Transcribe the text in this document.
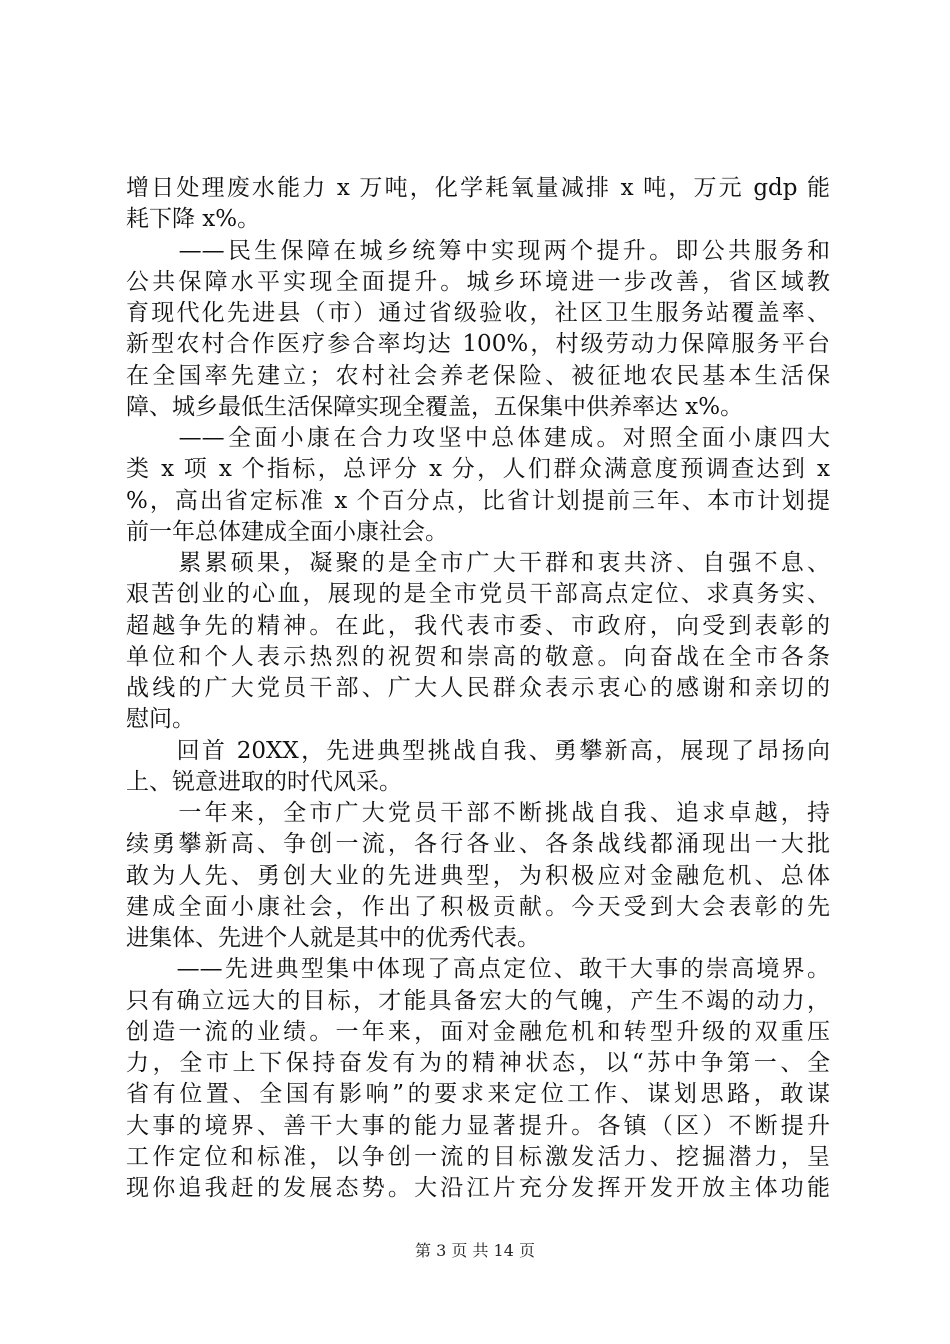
增日处理废水能力 x 万吨，化学耗氧量减排 x 吨，万元 gdp 能
耗下降 x%。
　　——民生保障在城乡统筹中实现两个提升。即公共服务和
公共保障水平实现全面提升。城乡环境进一步改善，省区域教
育现代化先进县（市）通过省级验收，社区卫生服务站覆盖率、
新型农村合作医疗参合率均达 100%，村级劳动力保障服务平台
在全国率先建立；农村社会养老保险、被征地农民基本生活保
障、城乡最低生活保障实现全覆盖，五保集中供养率达 x%。
　　——全面小康在合力攻坚中总体建成。对照全面小康四大
类 x 项 x 个指标，总评分 x 分，人们群众满意度预调查达到 x
%，高出省定标准 x 个百分点，比省计划提前三年、本市计划提
前一年总体建成全面小康社会。
　　累累硕果，凝聚的是全市广大干群和衷共济、自强不息、
艰苦创业的心血，展现的是全市党员干部高点定位、求真务实、
超越争先的精神。在此，我代表市委、市政府，向受到表彰的
单位和个人表示热烈的祝贺和崇高的敬意。向奋战在全市各条
战线的广大党员干部、广大人民群众表示衷心的感谢和亲切的
慰问。
　　回首 20XX，先进典型挑战自我、勇攀新高，展现了昂扬向
上、锐意进取的时代风采。
　　一年来，全市广大党员干部不断挑战自我、追求卓越，持
续勇攀新高、争创一流，各行各业、各条战线都涌现出一大批
敢为人先、勇创大业的先进典型，为积极应对金融危机、总体
建成全面小康社会，作出了积极贡献。今天受到大会表彰的先
进集体、先进个人就是其中的优秀代表。
　　——先进典型集中体现了高点定位、敢干大事的崇高境界。
只有确立远大的目标，才能具备宏大的气魄，产生不竭的动力，
创造一流的业绩。一年来，面对金融危机和转型升级的双重压
力，全市上下保持奋发有为的精神状态，以“苏中争第一、全
省有位置、全国有影响”的要求来定位工作、谋划思路，敢谋
大事的境界、善干大事的能力显著提升。各镇（区）不断提升
工作定位和标准，以争创一流的目标激发活力、挖掘潜力，呈
现你追我赶的发展态势。大沿江片充分发挥开发开放主体功能
第 3 页 共 14 页
